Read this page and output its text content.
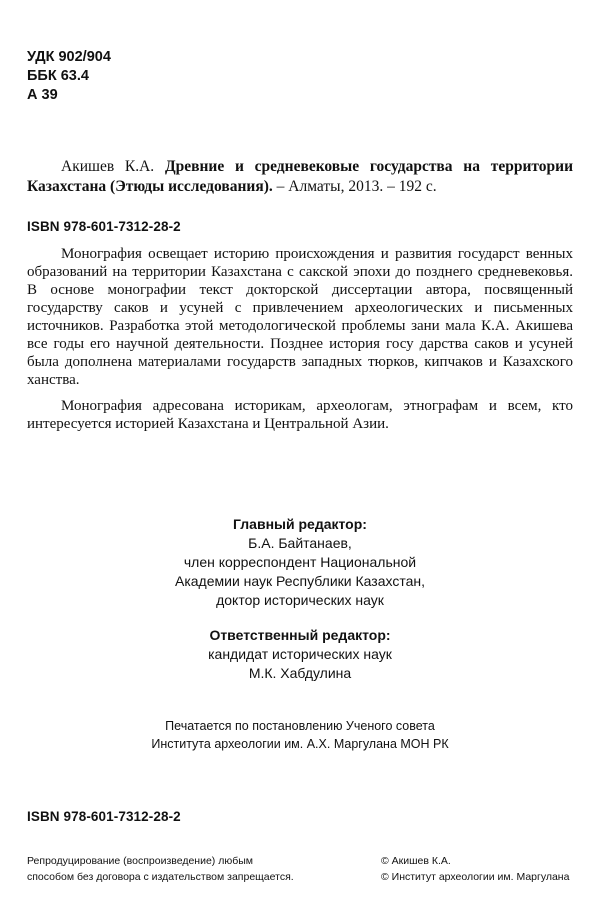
УДК 902/904
ББК 63.4
А 39
Акишев К.А. Древние и средневековые государства на территории Казахстана (Этюды исследования). – Алматы, 2013. – 192 с.
ISBN 978-601-7312-28-2
Монография освещает историю происхождения и развития государст венных образований на территории Казахстана с сакской эпохи до позднего средневековья. В основе монографии текст докторской диссертации автора, посвященный государству саков и усуней с привлечением археологических и письменных источников. Разработка этой методологической проблемы зани мала К.А. Акишева все годы его научной деятельности. Позднее история госу дарства саков и усуней была дополнена материалами государств западных тюрков, кипчаков и Казахского ханства.
Монография адресована историкам, археологам, этнографам и всем, кто интересуется историей Казахстана и Центральной Азии.
Главный редактор:
Б.А. Байтанаев,
член корреспондент Национальной
Академии наук Республики Казахстан,
доктор исторических наук
Ответственный редактор:
кандидат исторических наук
М.К. Хабдулина
Печатается по постановлению Ученого совета
Института археологии им. А.Х. Маргулана МОН РК
ISBN 978-601-7312-28-2
Репродуцирование (воспроизведение) любым
способом без договора с издательством запрещается.
© Акишев К.А.
© Институт археологии им. Маргулана
